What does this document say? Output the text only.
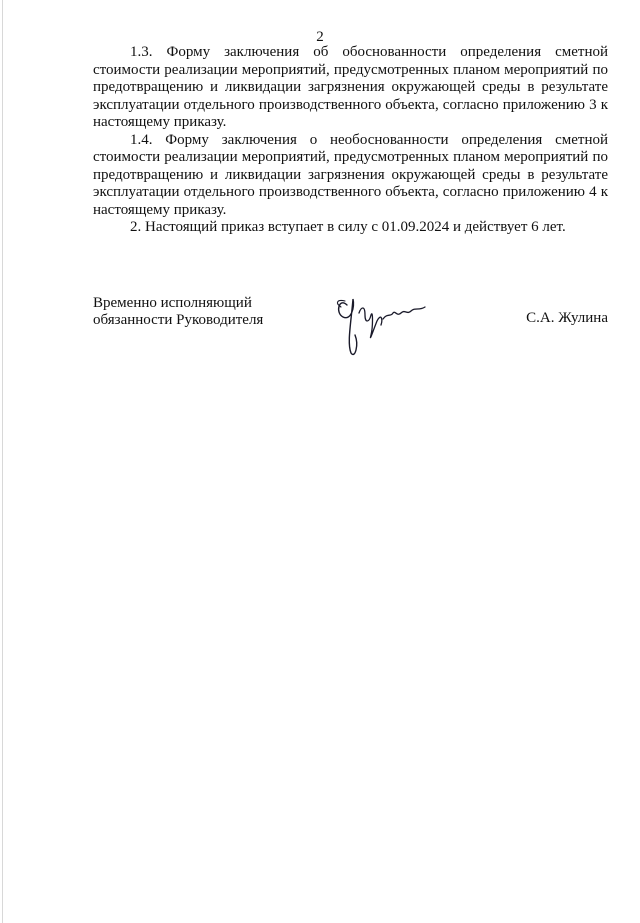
2

1.3. Форму заключения об обоснованности определения сметной стоимости реализации мероприятий, предусмотренных планом мероприятий по предотвращению и ликвидации загрязнения окружающей среды в результате эксплуатации отдельного производственного объекта, согласно приложению 3 к настоящему приказу.

1.4. Форму заключения о необоснованности определения сметной стоимости реализации мероприятий, предусмотренных планом мероприятий по предотвращению и ликвидации загрязнения окружающей среды в результате эксплуатации отдельного производственного объекта, согласно приложению 4 к настоящему приказу.

2. Настоящий приказ вступает в силу с 01.09.2024 и действует 6 лет.

Временно исполняющий
обязанности Руководителя	С.А. Жулина
